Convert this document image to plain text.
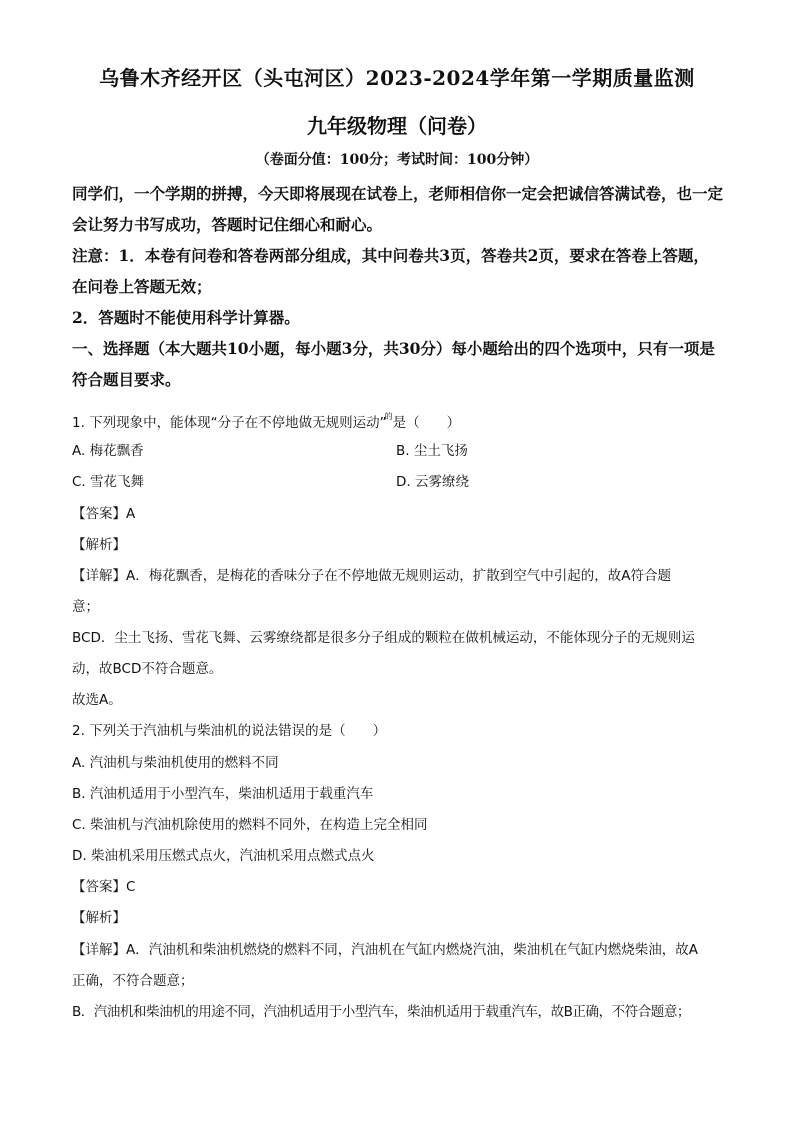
乌鲁木齐经开区（头屯河区）2023-2024学年第一学期质量监测
九年级物理（问卷）
（卷面分值：100分；考试时间：100分钟）
同学们，一个学期的拼搏，今天即将展现在试卷上，老师相信你一定会把诚信答满试卷，也一定会让努力书写成功，答题时记住细心和耐心。
注意：1．本卷有问卷和答卷两部分组成，其中问卷共3页，答卷共2页，要求在答卷上答题，在问卷上答题无效；
2．答题时不能使用科学计算器。
一、选择题（本大题共10小题，每小题3分，共30分）每小题给出的四个选项中，只有一项是符合题目要求。
1. 下列现象中，能体现“分子在不停地做无规则运动”$^的$是（　　）
A. 梅花飘香	B. 尘土飞扬
C. 雪花飞舞	D. 云雾缭绕
【答案】A
【解析】
【详解】A．梅花飘香，是梅花的香味分子在不停地做无规则运动，扩散到空气中引起的，故A符合题
意；
BCD．尘土飞扬、雪花飞舞、云雾缭绕都是很多分子组成的颗粒在做机械运动，不能体现分子的无规则运
动，故BCD不符合题意。
故选A。
2. 下列关于汽油机与柴油机的说法错误的是（　　）
A. 汽油机与柴油机使用的燃料不同
B. 汽油机适用于小型汽车，柴油机适用于载重汽车
C. 柴油机与汽油机除使用的燃料不同外，在构造上完全相同
D. 柴油机采用压燃式点火，汽油机采用点燃式点火
【答案】C
【解析】
【详解】A．汽油机和柴油机燃烧的燃料不同，汽油机在气缸内燃烧汽油，柴油机在气缸内燃烧柴油，故A
正确，不符合题意；
B．汽油机和柴油机的用途不同，汽油机适用于小型汽车，柴油机适用于载重汽车，故B正确，不符合题意；
